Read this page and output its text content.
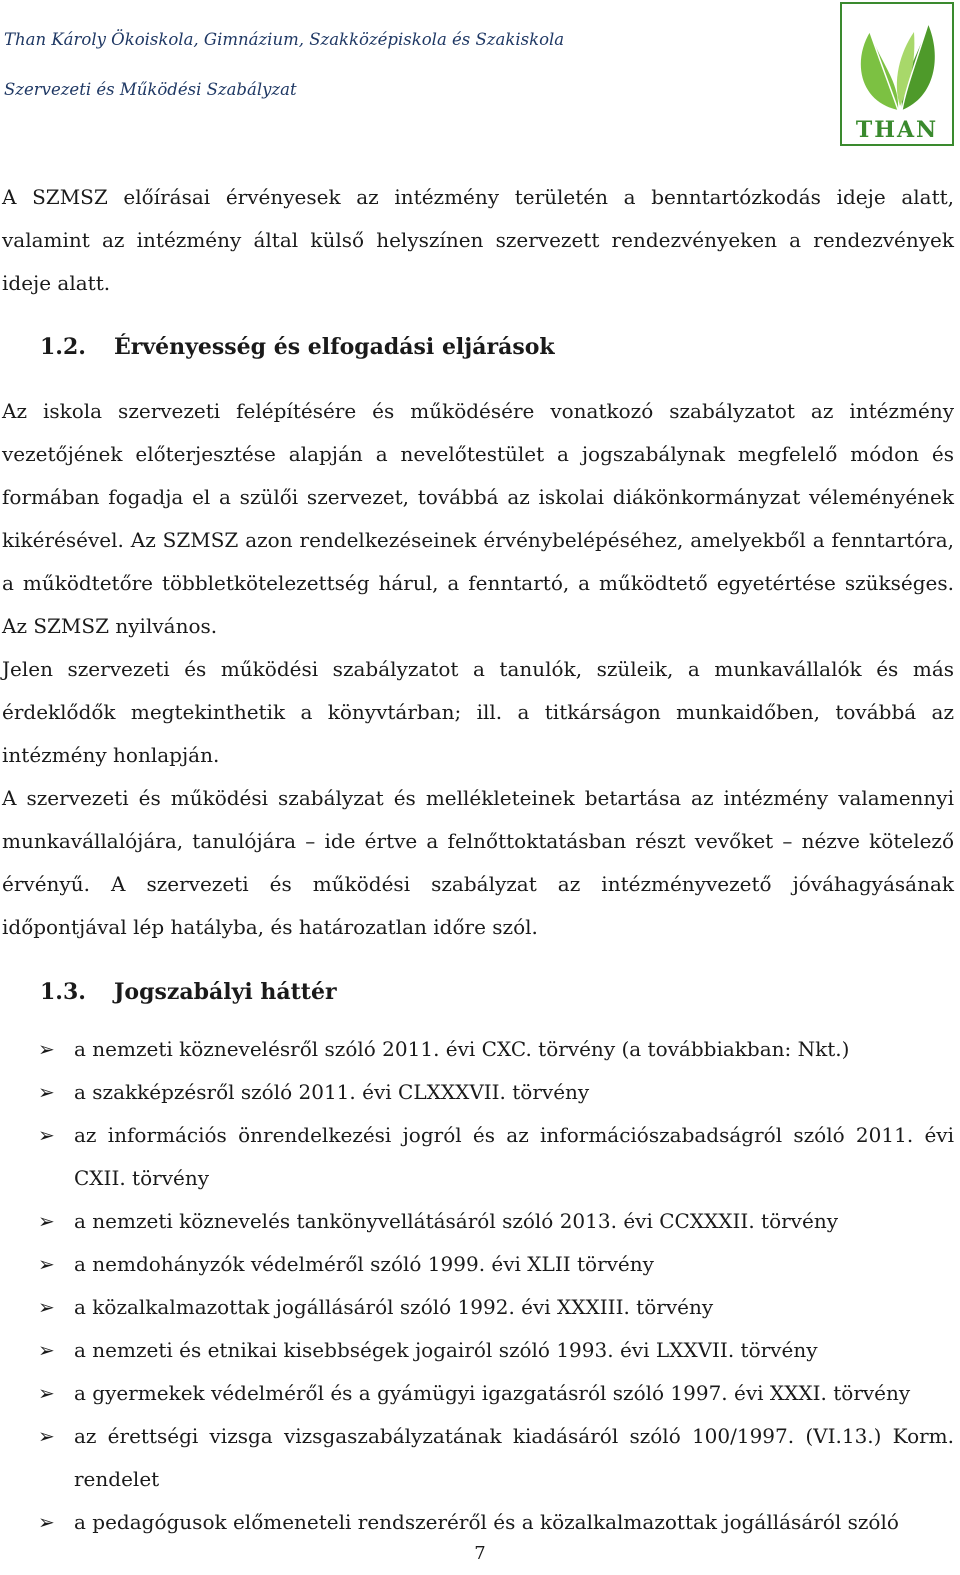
Than Károly Ökoiskola, Gimnázium, Szakközépiskola és Szakiskola

Szervezeti és Működési Szabályzat

THAN

A SZMSZ előírásai érvényesek az intézmény területén a benntartózkodás ideje alatt, valamint az intézmény által külső helyszínen szervezett rendezvényeken a rendezvények ideje alatt.

1.2. Érvényesség és elfogadási eljárások

Az iskola szervezeti felépítésére és működésére vonatkozó szabályzatot az intézmény vezetőjének előterjesztése alapján a nevelőtestület a jogszabálynak megfelelő módon és formában fogadja el a szülői szervezet, továbbá az iskolai diákönkormányzat véleményének kikérésével. Az SZMSZ azon rendelkezéseinek érvénybelépéséhez, amelyekből a fenntartóra, a működtetőre többletkötelezettség hárul, a fenntartó, a működtető egyetértése szükséges. Az SZMSZ nyilvános.

Jelen szervezeti és működési szabályzatot a tanulók, szüleik, a munkavállalók és más érdeklődők megtekinthetik a könyvtárban; ill. a titkárságon munkaidőben, továbbá az intézmény honlapján.

A szervezeti és működési szabályzat és mellékleteinek betartása az intézmény valamennyi munkavállalójára, tanulójára – ide értve a felnőttoktatásban részt vevőket – nézve kötelező érvényű. A szervezeti és működési szabályzat az intézményvezető jóváhagyásának időpontjával lép hatályba, és határozatlan időre szól.

1.3. Jogszabályi háttér
➢ a nemzeti köznevelésről szóló 2011. évi CXC. törvény (a továbbiakban: Nkt.)
➢ a szakképzésről szóló 2011. évi CLXXXVII. törvény
➢ az információs önrendelkezési jogról és az információszabadságról szóló 2011. évi CXII. törvény
➢ a nemzeti köznevelés tankönyvellátásáról szóló 2013. évi CCXXXII. törvény
➢ a nemdohányzók védelméről szóló 1999. évi XLII törvény
➢ a közalkalmazottak jogállásáról szóló 1992. évi XXXIII. törvény
➢ a nemzeti és etnikai kisebbségek jogairól szóló 1993. évi LXXVII. törvény
➢ a gyermekek védelméről és a gyámügyi igazgatásról szóló 1997. évi XXXI. törvény
➢ az érettségi vizsga vizsgaszabályzatának kiadásáról szóló 100/1997. (VI.13.) Korm. rendelet
➢ a pedagógusok előmeneteli rendszeréről és a közalkalmazottak jogállásáról szóló
7
